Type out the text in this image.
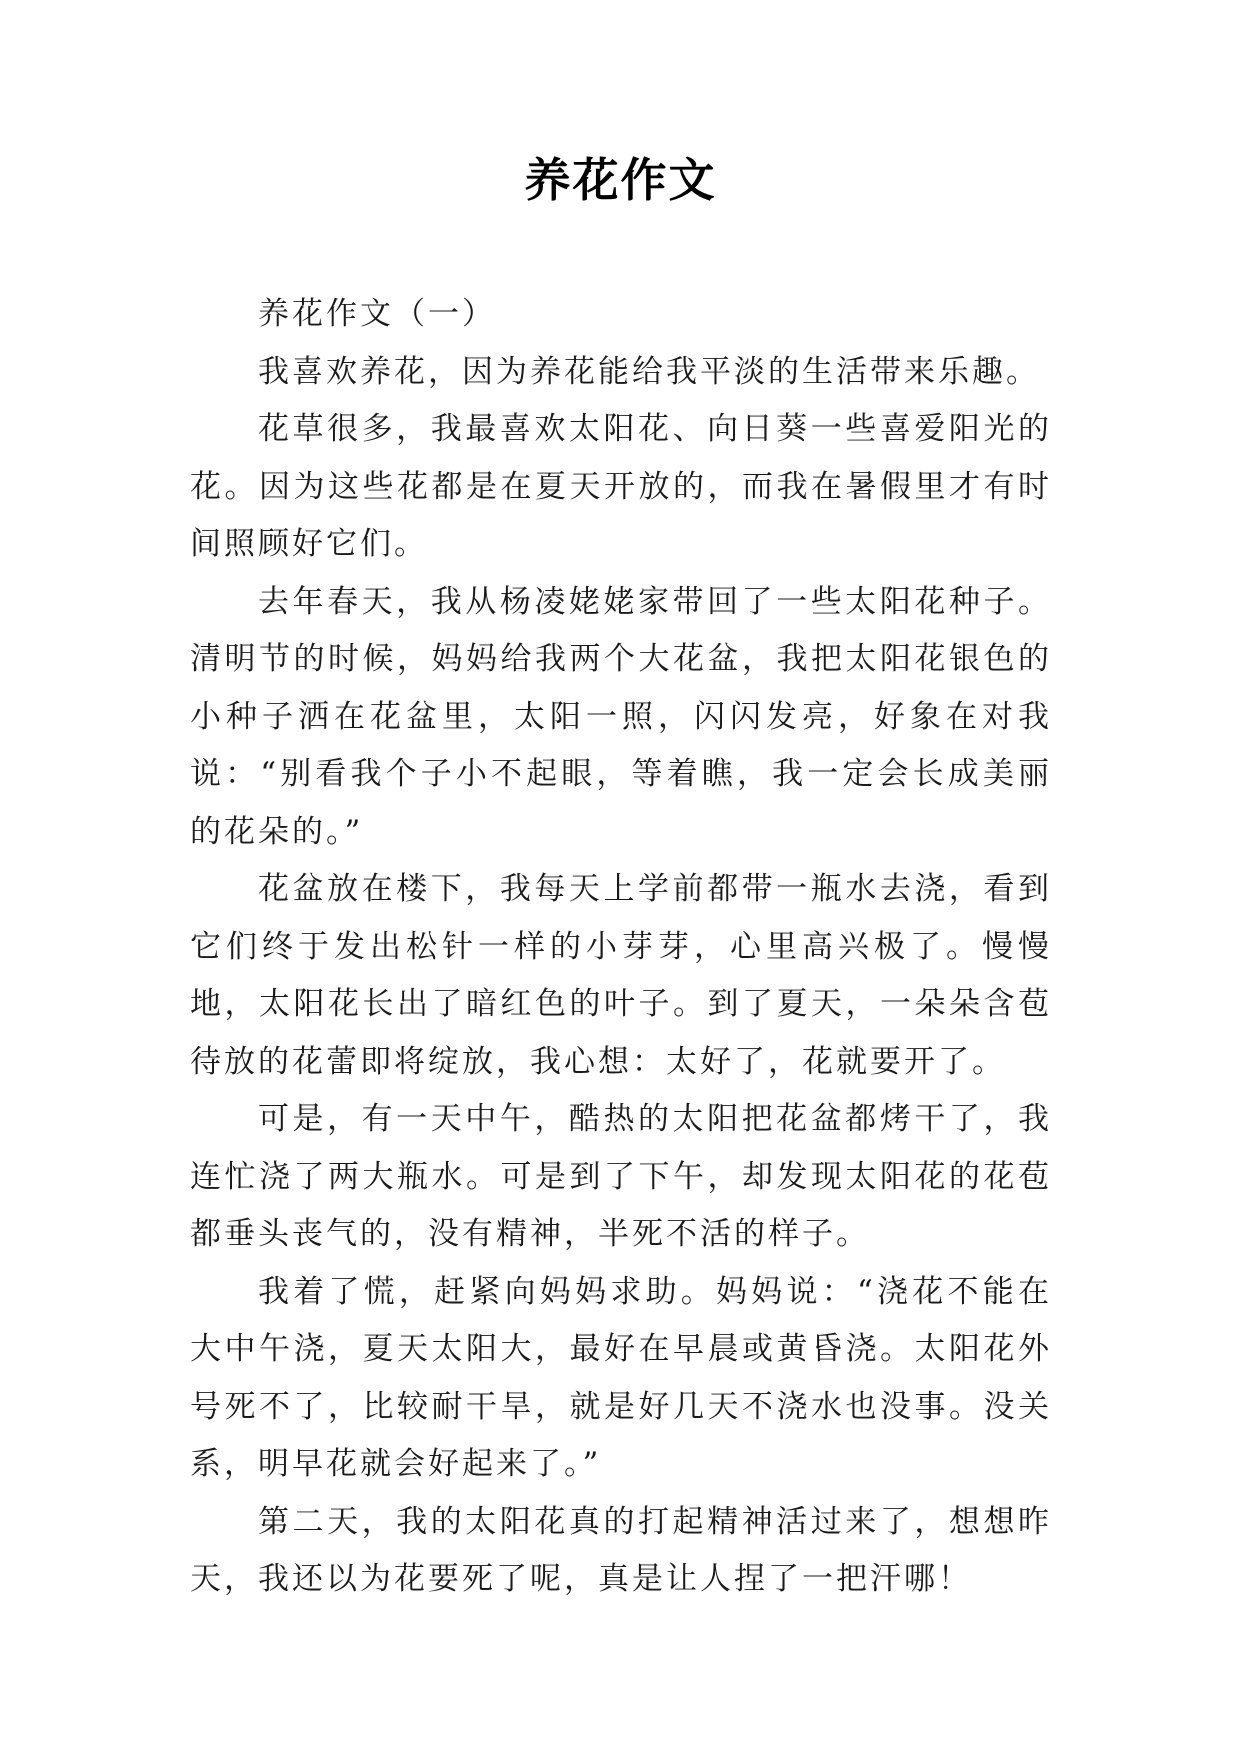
养花作文

养花作文（一）

我喜欢养花，因为养花能给我平淡的生活带来乐趣。

花草很多，我最喜欢太阳花、向日葵一些喜爱阳光的花。因为这些花都是在夏天开放的，而我在暑假里才有时间照顾好它们。

去年春天，我从杨凌姥姥家带回了一些太阳花种子。清明节的时候，妈妈给我两个大花盆，我把太阳花银色的小种子洒在花盆里，太阳一照，闪闪发亮，好象在对我说：“别看我个子小不起眼，等着瞧，我一定会长成美丽的花朵的。”

花盆放在楼下，我每天上学前都带一瓶水去浇，看到它们终于发出松针一样的小芽芽，心里高兴极了。慢慢地，太阳花长出了暗红色的叶子。到了夏天，一朵朵含苞待放的花蕾即将绽放，我心想：太好了，花就要开了。

可是，有一天中午，酷热的太阳把花盆都烤干了，我连忙浇了两大瓶水。可是到了下午，却发现太阳花的花苞都垂头丧气的，没有精神，半死不活的样子。

我着了慌，赶紧向妈妈求助。妈妈说：“浇花不能在大中午浇，夏天太阳大，最好在早晨或黄昏浇。太阳花外号死不了，比较耐干旱，就是好几天不浇水也没事。没关系，明早花就会好起来了。”

第二天，我的太阳花真的打起精神活过来了，想想昨天，我还以为花要死了呢，真是让人捏了一把汗哪！
